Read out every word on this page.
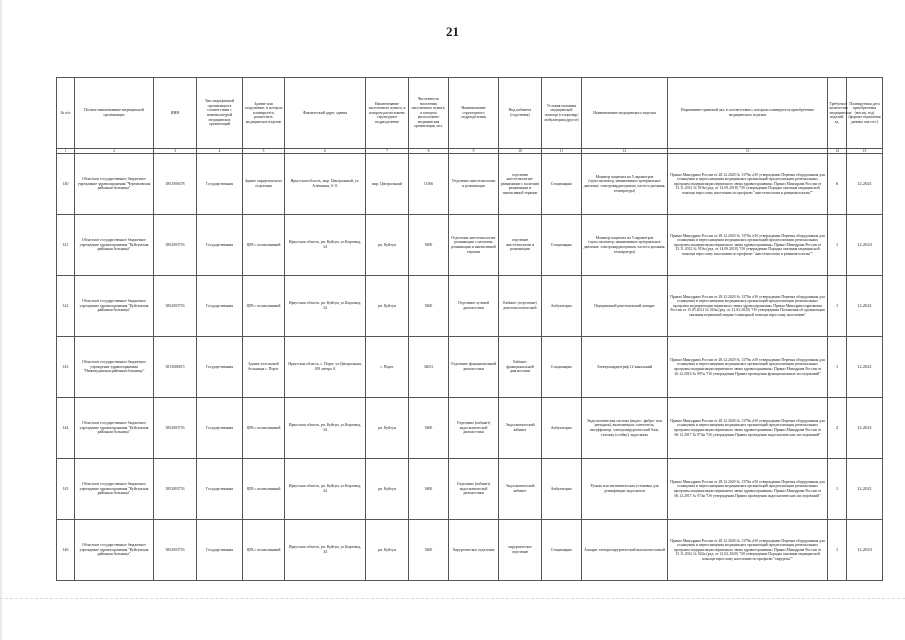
21
№ п/п	Полное наименование медицинской организации	ИНН	Тип медицинской организации в соответствии с номенклатурой медицинских организаций	Здание или сооружение, в котором планируется разместить медицинское изделие	Фактический адрес здания	Наименование населенного пункта, в котором расположено структурное подразделение	Численность населения населенного пункта, в котором расположено медицинская организация, чел.	Наименование структурного подразделения	Вид кабинета (отделения)	Условия оказания медицинской помощи (стационар/амбулатория/другое)	Наименование медицинского изделия	Нормативно-правовой акт, в соответствии с которым планируется приобретение медицинского изделия	Требуемое количество медицинских изделий, ед.	Планируемая дата приобретения (месяц, год) (формат отражения данных мм.гггг.)
1	2	3	4	5	6	7	8	9	10	11	12	13	14	15
140	Областное государственное бюджетное учреждение здравоохранения "Черемховская районная больница"	3851000478	Государственная	Здание хирургического отделения	Иркутская область, мкр. Центральный, ул. Алёшкина, 6-11	мкр. Центральный	11566	Отделение анестезиологии и реанимации	отделение анестезиологии-реанимации с палатами реанимации и интенсивной терапии	Стационарно	Монитор пациента на 5 параметров (пульсоксиметр, неинвазивное артериальное давление, электрокардиограмма, частота дыхания, температура)	Приказ Минздрава России от 28.12.2020 № 1379н «Об утверждении Перечня оборудования для оснащения и переоснащения медицинских организаций при реализации региональных программ модернизации первичного звена здравоохранения» Приказ Минздрава России от 15.11.2012 № 919н (ред. от 14.09.2018) "Об утверждении Порядка оказания медицинской помощи взрослому населению по профилю "анестезиология и реаниматология""	6	12.2021
141	Областное государственное бюджетное учреждение здравоохранения "Куйтунская районная больница"	3852003753	Государственная	ЦРБ с поликлиникой	Иркутская область, рп. Куйтун, ул.Кирзавод, 34	рп. Куйтун	9400	Отделение анестезиологии-реанимации с палатами реанимации и интенсивной терапии	отделение анестезиологии и реанимации	Стационарно	Монитор пациента на 5 параметров (пульсоксиметр, неинвазивное артериальное давление, электрокардиограмма, частота дыхания, температура)	Приказ Минздрава России от 28.12.2020 № 1379н «Об утверждении Перечня оборудования для оснащения и переоснащения медицинских организаций при реализации региональных программ модернизации первичного звена здравоохранения» Приказ Минздрава России от 15.11.2012 № 919н (ред. от 14.09.2018) "Об утверждении Порядка оказания медицинской помощи взрослому населению по профилю "анестезиология и реаниматология""	1	12.2023
142	Областное государственное бюджетное учреждение здравоохранения "Куйтунская районная больница"	3852003753	Государственная	ЦРБ с поликлиникой	Иркутская область, рп. Куйтун, ул.Кирзавод, 34	рп. Куйтун	9400	Отделение лучевой диагностики	Кабинет (отделение) рентгенологический	Амбулаторно	Передвижной рентгеновский аппарат	Приказ Минздрава России от 28.12.2020 № 1379н «Об утверждении Перечня оборудования для оснащения и переоснащения медицинских организаций при реализации региональных программ модернизации первичного звена здравоохранения» Приказ Минздравсоцразвития России от 15.05.2012 № 543н (ред. от 21.02.2020) "Об утверждении Положения об организации оказания первичной медико-санитарной помощи взрослому населению"	1	12.2021
143	Областное государственное бюджетное учреждение здравоохранения "Нижнеудинская районная больница"	3813006815	Государственная	Здание участковой больницы с. Порог	Иркутская область, с. Порог, ул.Центральная, 108 литера А	с. Порог	34631	Отделение функциональной диагностики	Кабинет функциональной диагностики	Стационарно	Электрокардиограф 12-канальный	Приказ Минздрава России от 28.12.2020 № 1379н «Об утверждении Перечня оборудования для оснащения и переоснащения медицинских организаций при реализации региональных программ модернизации первичного звена здравоохранения» Приказ Минздрава России от 26.12.2016 № 997н "Об утверждении Правил проведения функциональных исследований"	1	12.2021
144	Областное государственное бюджетное учреждение здравоохранения "Куйтунская районная больница"	3852003753	Государственная	ЦРБ с поликлиникой	Иркутская область, рп. Куйтун, ул.Кирзавод, 34	рп. Куйтун	9400	Отделение (кабинет) эндоскопической диагностики	Эндоскопический кабинет	Амбулаторно	Эндоскопическая система (видео-, фибро- или ригидная), включающая: осветитель, инсуффлятор, электрохирургический блок, тележку (стойку), эндоскопы	Приказ Минздрава России от 28.12.2020 № 1379н «Об утверждении Перечня оборудования для оснащения и переоснащения медицинских организаций при реализации региональных программ модернизации первичного звена здравоохранения» Приказ Минздрава России от 06.12.2017 № 974н "Об утверждении Правил проведения эндоскопических исследований"	2	12.2021
145	Областное государственное бюджетное учреждение здравоохранения "Куйтунская районная больница"	3852003753	Государственная	ЦРБ с поликлиникой	Иркутская область, рп. Куйтун, ул.Кирзавод, 34	рп. Куйтун	9400	Отделение (кабинет) эндоскопической диагностики	Эндоскопический кабинет	Амбулаторно	Ручная или автоматическая установка для дезинфекции эндоскопов	Приказ Минздрава России от 28.12.2020 № 1379н «Об утверждении Перечня оборудования для оснащения и переоснащения медицинских организаций при реализации региональных программ модернизации первичного звена здравоохранения» Приказ Минздрава России от 06.12.2017 № 974н "Об утверждении Правил проведения эндоскопических исследований"	1	12.2021
146	Областное государственное бюджетное учреждение здравоохранения "Куйтунская районная больница"	3852003753	Государственная	ЦРБ с поликлиникой	Иркутская область, рп. Куйтун, ул.Кирзавод, 34	рп. Куйтун	9400	Хирургическое отделение	хирургическое отделение	Стационарно	Аппарат электрохирургический высокочастотный	Приказ Минздрава России от 28.12.2020 № 1379н «Об утверждении Перечня оборудования для оснащения и переоснащения медицинских организаций при реализации региональных программ модернизации первичного звена здравоохранения» Приказ Минздрава России от 15.11.2012 № 922н (ред. от 21.02.2020) "Об утверждении Порядка оказания медицинской помощи взрослому населению по профилю "хирургия""	1	12.2023
